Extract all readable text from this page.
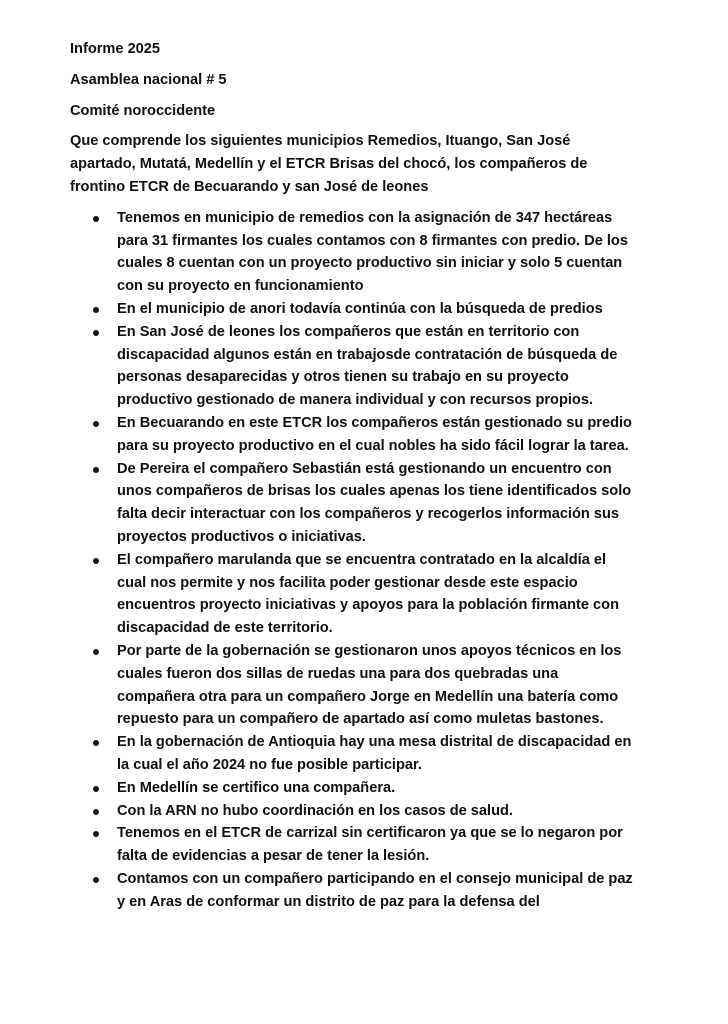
Informe 2025

Asamblea nacional # 5

Comité noroccidente

Que comprende los siguientes municipios Remedios, Ituango, San José apartado, Mutatá, Medellín y el ETCR Brisas del chocó, los compañeros de frontino ETCR de Becuarando y san José de leones

Tenemos en municipio de remedios con la asignación de 347 hectáreas para 31 firmantes los cuales contamos con 8 firmantes con predio. De los cuales 8 cuentan con un proyecto productivo sin iniciar y solo 5 cuentan con su proyecto en funcionamiento
En el municipio de anori todavía continúa con la búsqueda de predios
En San José de leones los compañeros que están en territorio con discapacidad algunos están en trabajosde contratación de búsqueda de personas desaparecidas y otros tienen su trabajo en su proyecto productivo gestionado de manera individual y con recursos propios.
En Becuarando en este ETCR los compañeros están gestionado su predio para su proyecto productivo en el cual nobles ha sido fácil lograr la tarea.
De Pereira el compañero Sebastián está gestionando un encuentro con unos compañeros de brisas los cuales apenas los tiene identificados solo falta decir interactuar con los compañeros y recogerlos información sus proyectos productivos o iniciativas.
El compañero marulanda que se encuentra contratado en la alcaldía el cual nos permite y nos facilita poder gestionar desde este espacio encuentros proyecto iniciativas y apoyos para la población firmante con discapacidad de este territorio.
Por parte de la gobernación se gestionaron unos apoyos técnicos en los cuales fueron dos sillas de ruedas una para dos quebradas una compañera otra para un compañero Jorge en Medellín una batería como repuesto para un compañero de apartado así como muletas bastones.
En la gobernación de Antioquia hay una mesa distrital de discapacidad en la cual el año 2024 no fue posible participar.
En Medellín se certifico una compañera.
Con la ARN no hubo coordinación en los casos de salud.
Tenemos en el ETCR de carrizal sin certificaron ya que se lo negaron por falta de evidencias a pesar de tener la lesión.
Contamos con un compañero participando en el consejo municipal de paz y en Aras de conformar un distrito de paz para la defensa del
